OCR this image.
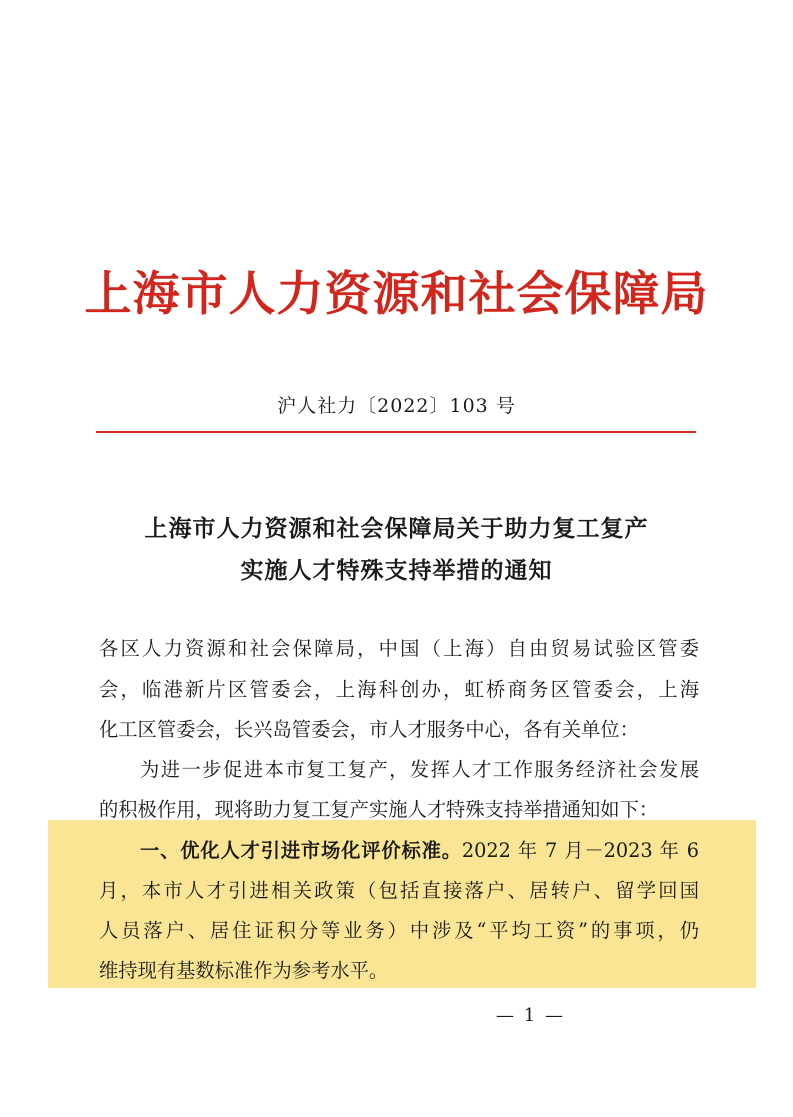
上海市人力资源和社会保障局
沪人社力〔2022〕103 号
上海市人力资源和社会保障局关于助力复工复产
实施人才特殊支持举措的通知
各区人力资源和社会保障局，中国（上海）自由贸易试验区管委
会，临港新片区管委会，上海科创办，虹桥商务区管委会，上海
化工区管委会，长兴岛管委会，市人才服务中心，各有关单位：
为进一步促进本市复工复产，发挥人才工作服务经济社会发展
的积极作用，现将助力复工复产实施人才特殊支持举措通知如下：
一、优化人才引进市场化评价标准。2022 年 7 月－2023 年 6
月，本市人才引进相关政策（包括直接落户、居转户、留学回国
人员落户、居住证积分等业务）中涉及“平均工资”的事项，仍
维持现有基数标准作为参考水平。
— 1 —
